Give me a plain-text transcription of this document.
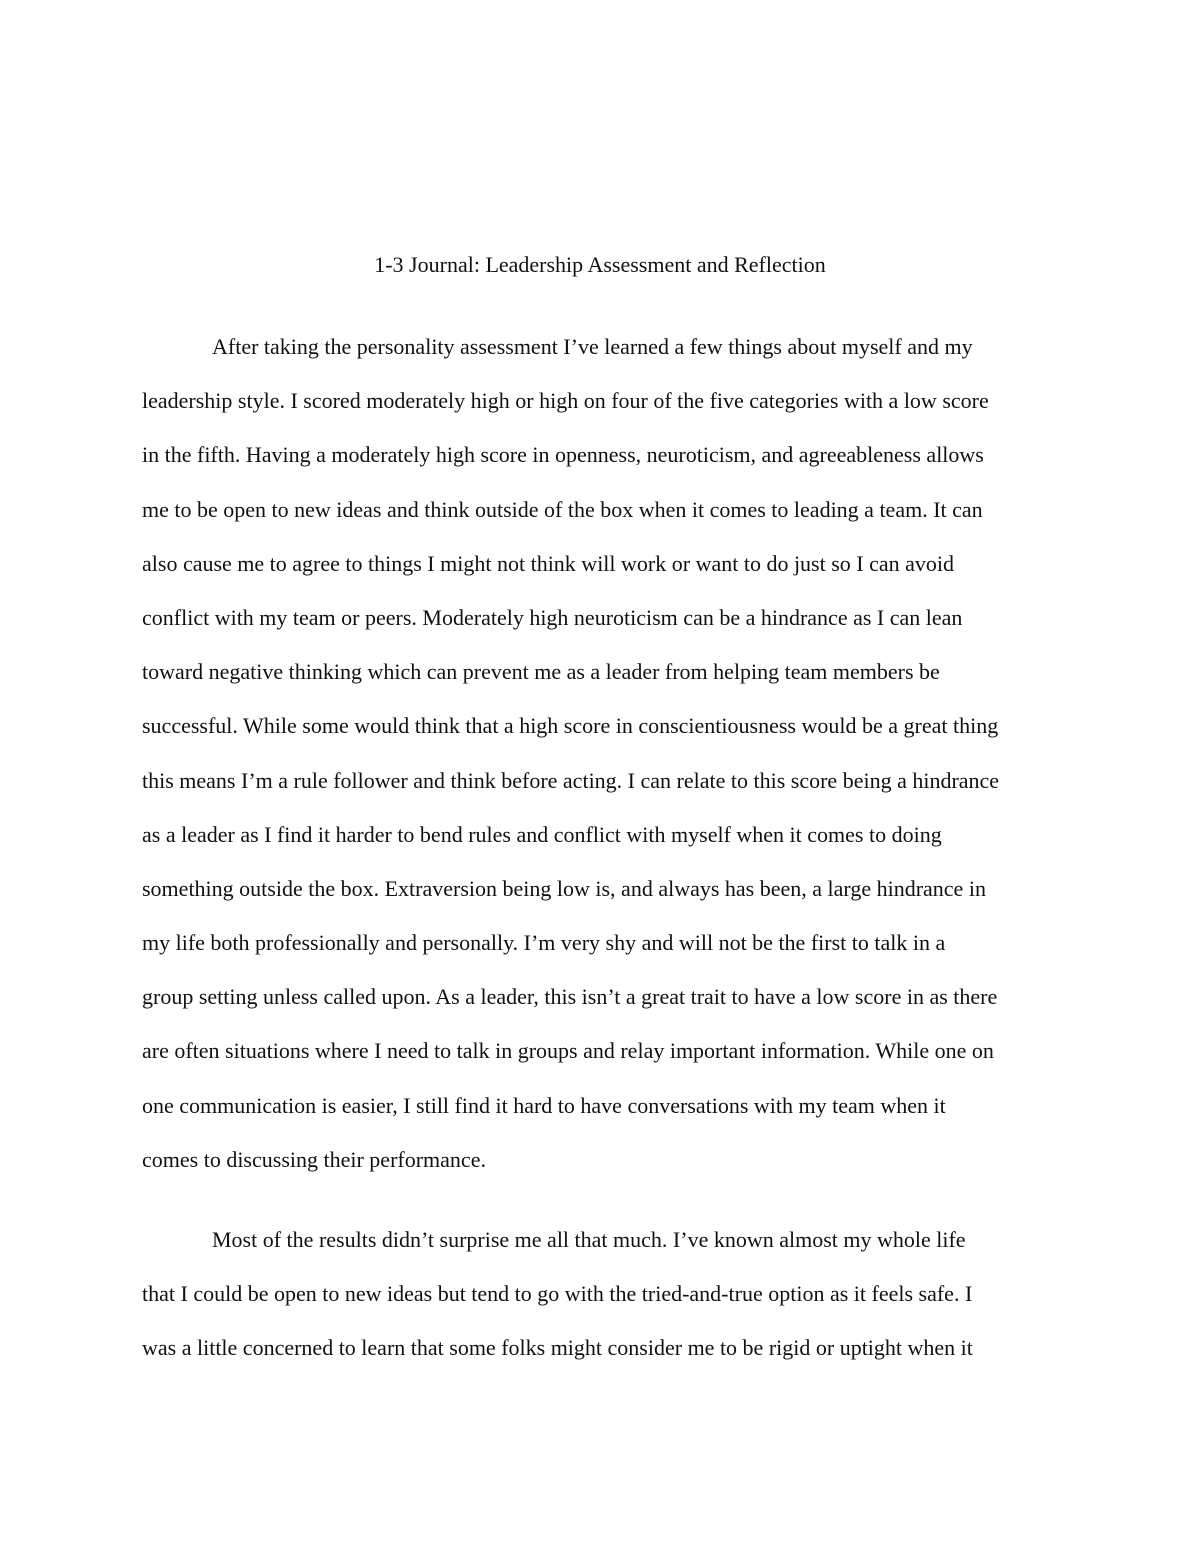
1-3 Journal: Leadership Assessment and Reflection
After taking the personality assessment I’ve learned a few things about myself and my
leadership style. I scored moderately high or high on four of the five categories with a low score
in the fifth. Having a moderately high score in openness, neuroticism, and agreeableness allows
me to be open to new ideas and think outside of the box when it comes to leading a team. It can
also cause me to agree to things I might not think will work or want to do just so I can avoid
conflict with my team or peers. Moderately high neuroticism can be a hindrance as I can lean
toward negative thinking which can prevent me as a leader from helping team members be
successful. While some would think that a high score in conscientiousness would be a great thing
this means I’m a rule follower and think before acting. I can relate to this score being a hindrance
as a leader as I find it harder to bend rules and conflict with myself when it comes to doing
something outside the box. Extraversion being low is, and always has been, a large hindrance in
my life both professionally and personally. I’m very shy and will not be the first to talk in a
group setting unless called upon. As a leader, this isn’t a great trait to have a low score in as there
are often situations where I need to talk in groups and relay important information. While one on
one communication is easier, I still find it hard to have conversations with my team when it
comes to discussing their performance.
Most of the results didn’t surprise me all that much. I’ve known almost my whole life
that I could be open to new ideas but tend to go with the tried-and-true option as it feels safe. I
was a little concerned to learn that some folks might consider me to be rigid or uptight when it
